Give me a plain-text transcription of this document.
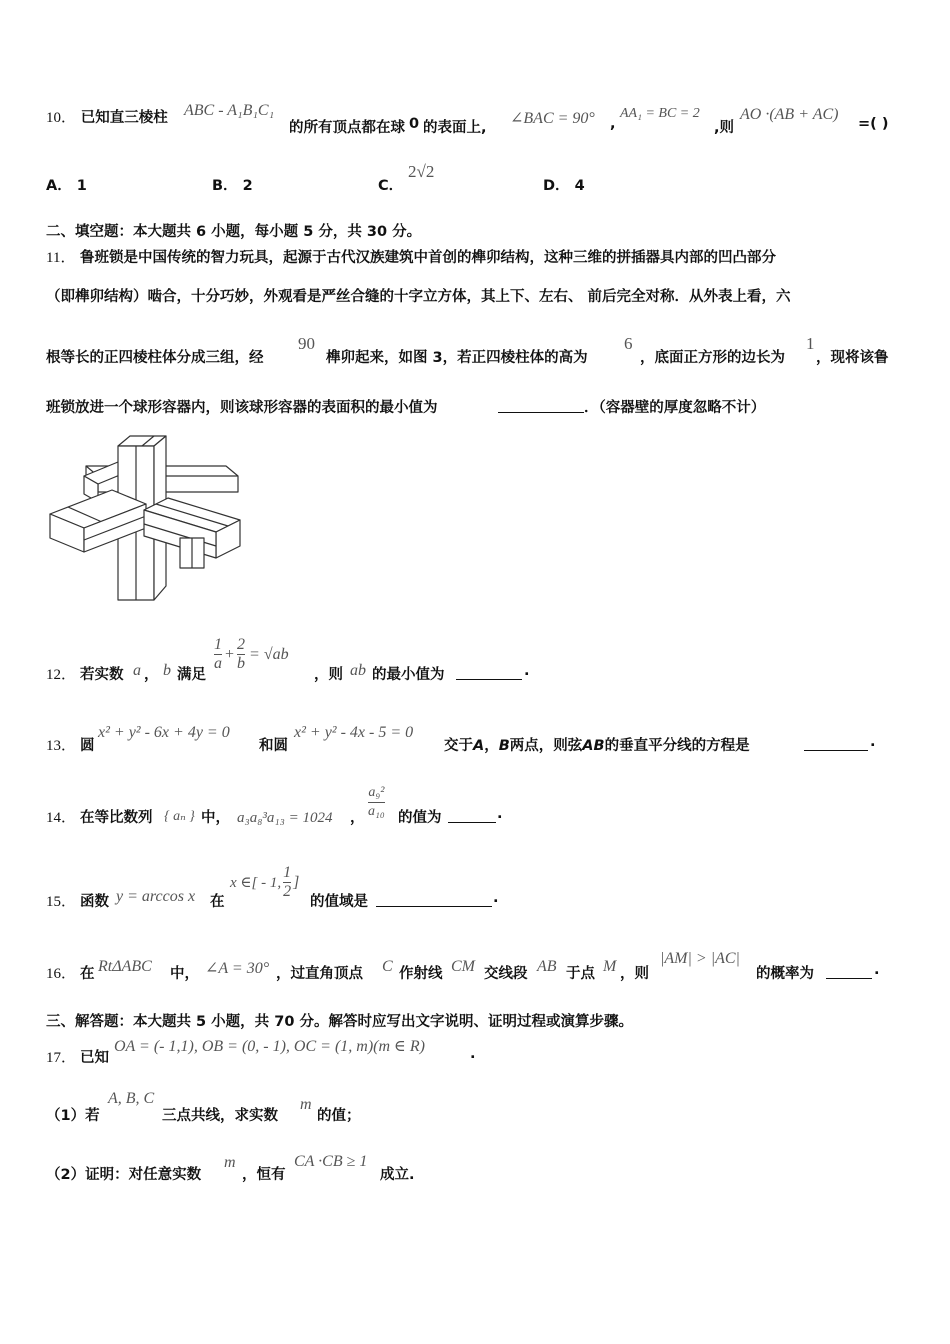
10． 已知直三棱柱 ABC - A₁B₁C₁
的所有顶点都在球 0 的表面上,
∠BAC = 90° ,
AA₁ = BC = 2
,则
AO ·(AB + AC)
=( )
A． 1	B． 2	C．
2√2
D． 4
二、填空题：本大题共 6 小题，每小题 5 分，共 30 分。
11． 鲁班锁是中国传统的智力玩具，起源于古代汉族建筑中首创的榫卯结构，这种三维的拼插器具内部的凹凸部分
（即榫卯结构）啮合，十分巧妙，外观看是严丝合缝的十字立方体，其上下、左右、 前后完全对称．从外表上看，六
根等长的正四棱柱体分成三组，经
90
榫卯起来，如图 3，若正四棱柱体的高为
6
，底面正方形的边长为
1
，现将该鲁
班锁放进一个球形容器内，则该球形容器的表面积的最小值为	．（容器壁的厚度忽略不计）
12． 若实数 a ， b 满足
$\frac{1}{a} + \frac{2}{b} = √ab$
，则 ab 的最小值为	.
13． 圆
x² + y² - 6x + 4y = 0
和圆
x² + y² - 4x - 5 = 0
交于A，B两点，则弦AB的垂直平分线的方程是	.
14． 在等比数列 { aₙ } 中， a₃a₈³a₁₃ = 1024 ，
a₉²
a₁₀ 的值为	.
15． 函数 y = arccos x 在
x ∈[ - 1, $\frac{1}{2}$ ]
的值域是	.
16． 在 RtΔABC 中， ∠A = 30° ，过直角顶点 C 作射线 CM 交线段 AB 于点 M ，则
|AM| > |AC|
的概率为	.
三、解答题：本大题共 5 小题，共 70 分。解答时应写出文字说明、证明过程或演算步骤。
17． 已知
OA = (- 1,1), OB = (0, - 1), OC = (1, m)(m ∈ R)	.
（1）若
A, B, C
三点共线，求实数
m
的值；
（2）证明：对任意实数
m
，恒有
CA ·CB ≥ 1
成立.
